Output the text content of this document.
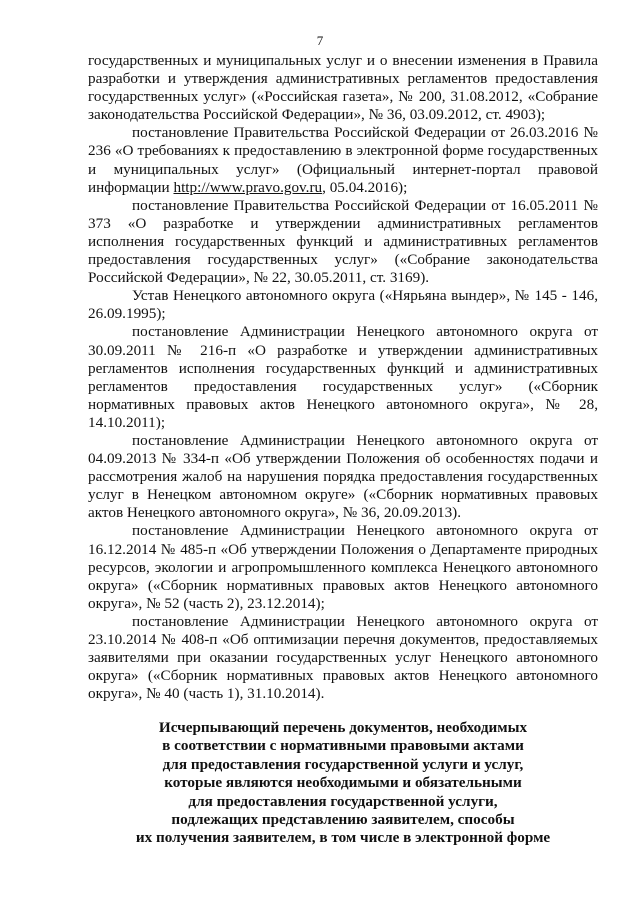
7

государственных и муниципальных услуг и о внесении изменения в Правила разработки и утверждения административных регламентов предоставления государственных услуг» («Российская газета», № 200, 31.08.2012, «Собрание законодательства Российской Федерации», № 36, 03.09.2012, ст. 4903);

постановление Правительства Российской Федерации от 26.03.2016 № 236 «О требованиях к предоставлению в электронной форме государственных и муниципальных услуг» (Официальный интернет-портал правовой информации http://www.pravo.gov.ru, 05.04.2016);

постановление Правительства Российской Федерации от 16.05.2011 № 373 «О разработке и утверждении административных регламентов исполнения государственных функций и административных регламентов предоставления государственных услуг» («Собрание законодательства Российской Федерации», № 22, 30.05.2011, ст. 3169).

Устав Ненецкого автономного округа («Нярьяна вындер», № 145 - 146, 26.09.1995);

постановление Администрации Ненецкого автономного округа от 30.09.2011 № 216-п «О разработке и утверждении административных регламентов исполнения государственных функций и административных регламентов предоставления государственных услуг» («Сборник нормативных правовых актов Ненецкого автономного округа», № 28, 14.10.2011);

постановление Администрации Ненецкого автономного округа от 04.09.2013 № 334-п «Об утверждении Положения об особенностях подачи и рассмотрения жалоб на нарушения порядка предоставления государственных услуг в Ненецком автономном округе» («Сборник нормативных правовых актов Ненецкого автономного округа», № 36, 20.09.2013).

постановление Администрации Ненецкого автономного округа от 16.12.2014 № 485-п «Об утверждении Положения о Департаменте природных ресурсов, экологии и агропромышленного комплекса Ненецкого автономного округа» («Сборник нормативных правовых актов Ненецкого автономного округа», № 52 (часть 2), 23.12.2014);

постановление Администрации Ненецкого автономного округа от 23.10.2014 № 408-п «Об оптимизации перечня документов, предоставляемых заявителями при оказании государственных услуг Ненецкого автономного округа» («Сборник нормативных правовых актов Ненецкого автономного округа», № 40 (часть 1), 31.10.2014).

Исчерпывающий перечень документов, необходимых
в соответствии с нормативными правовыми актами
для предоставления государственной услуги и услуг,
которые являются необходимыми и обязательными
для предоставления государственной услуги,
подлежащих представлению заявителем, способы
их получения заявителем, в том числе в электронной форме
